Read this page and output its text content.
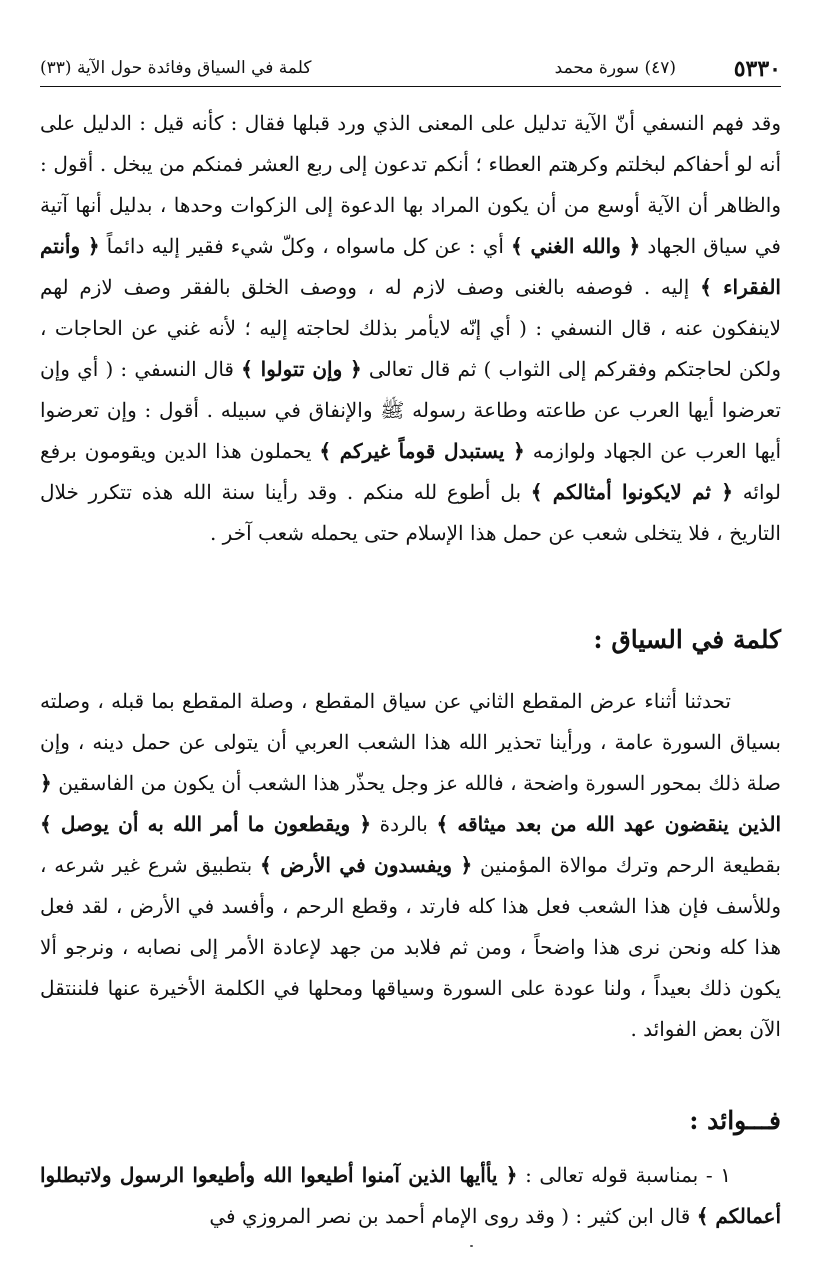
٥٣٣٠
(٤٧) سورة محمد
كلمة في السياق وفائدة حول الآية (٣٣)

وقد فهم النسفي أنّ الآية تدليل على المعنى الذي ورد قبلها فقال : كأنه قيل : الدليل على أنه لو أحفاكم لبخلتم وكرهتم العطاء ؛ أنكم تدعون إلى ربع العشر فمنكم من يبخل . أقول : والظاهر أن الآية أوسع من أن يكون المراد بها الدعوة إلى الزكوات وحدها ، بدليل أنها آتية في سياق الجهاد ﴿ والله الغني ﴾ أي : عن كل ماسواه ، وكلّ شيء فقير إليه دائماً ﴿ وأنتم الفقراء ﴾ إليه . فوصفه بالغنى وصف لازم له ، ووصف الخلق بالفقر وصف لازم لهم لاينفكون عنه ، قال النسفي : ( أي إنّه لايأمر بذلك لحاجته إليه ؛ لأنه غني عن الحاجات ، ولكن لحاجتكم وفقركم إلى الثواب ) ثم قال تعالى ﴿ وإن تتولوا ﴾ قال النسفي : ( أي وإن تعرضوا أيها العرب عن طاعته وطاعة رسوله ﷺ والإنفاق في سبيله . أقول : وإن تعرضوا أيها العرب عن الجهاد ولوازمه ﴿ يستبدل قوماً غيركم ﴾ يحملون هذا الدين ويقومون برفع لوائه ﴿ ثم لايكونوا أمثالكم ﴾ بل أطوع لله منكم . وقد رأينا سنة الله هذه تتكرر خلال التاريخ ، فلا يتخلى شعب عن حمل هذا الإسلام حتى يحمله شعب آخر .

كلمة في السياق :

تحدثنا أثناء عرض المقطع الثاني عن سياق المقطع ، وصلة المقطع بما قبله ، وصلته بسياق السورة عامة ، ورأينا تحذير الله هذا الشعب العربي أن يتولى عن حمل دينه ، وإن صلة ذلك بمحور السورة واضحة ، فالله عز وجل يحذّر هذا الشعب أن يكون من الفاسقين ﴿ الذين ينقضون عهد الله من بعد ميثاقه ﴾ بالردة ﴿ ويقطعون ما أمر الله به أن يوصل ﴾ بقطيعة الرحم وترك موالاة المؤمنين ﴿ ويفسدون في الأرض ﴾ بتطبيق شرع غير شرعه ، وللأسف فإن هذا الشعب فعل هذا كله فارتد ، وقطع الرحم ، وأفسد في الأرض ، لقد فعل هذا كله ونحن نرى هذا واضحاً ، ومن ثم فلابد من جهد لإعادة الأمر إلى نصابه ، ونرجو ألا يكون ذلك بعيداً ، ولنا عودة على السورة وسياقها ومحلها في الكلمة الأخيرة عنها فلننتقل الآن بعض الفوائد .

فـــوائد :

١ - بمناسبة قوله تعالى : ﴿ يأأيها الذين آمنوا أطيعوا الله وأطيعوا الرسول ولاتبطلوا أعمالكم ﴾ قال ابن كثير : ( وقد روى الإمام أحمد بن نصر المروزي في
